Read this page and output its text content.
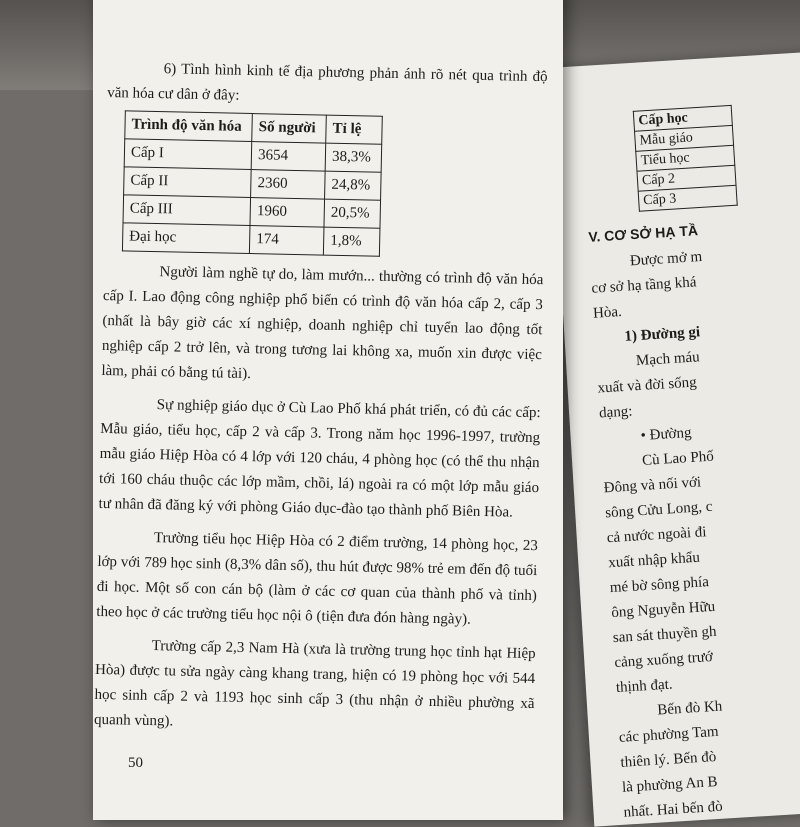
Cấp học
Mẫu giáo
Tiểu học
Cấp 2
Cấp 3
V. CƠ SỞ HẠ TẦ

Được mở m

cơ sở hạ tầng khá

Hòa.

1) Đường gi

Mạch máu

xuất và đời sống

dạng:

• Đường

Cù Lao Phố

Đông và nối với

sông Cửu Long, c

cả nước ngoài đi

xuất nhập khẩu

mé bờ sông phía

ông Nguyễn Hữu

san sát thuyền gh

cảng xuống trướ

thịnh đạt.

Bến đò Kh

các phường Tam

thiên lý. Bến đò

là phường An B

nhất. Hai bến đò

6) Tình hình kinh tế địa phương phản ánh rõ nét qua trình độ văn hóa cư dân ở đây:

Trình độ văn hóa	Số người	Tỉ lệ
Cấp I	3654	38,3%
Cấp II	2360	24,8%
Cấp III	1960	20,5%
Đại học	174	1,8%

Người làm nghề tự do, làm mướn... thường có trình độ văn hóa cấp I. Lao động công nghiệp phổ biến có trình độ văn hóa cấp 2, cấp 3 (nhất là bây giờ các xí nghiệp, doanh nghiệp chỉ tuyển lao động tốt nghiệp cấp 2 trở lên, và trong tương lai không xa, muốn xin được việc làm, phải có bằng tú tài).

Sự nghiệp giáo dục ở Cù Lao Phố khá phát triển, có đủ các cấp: Mẫu giáo, tiểu học, cấp 2 và cấp 3. Trong năm học 1996-1997, trường mẫu giáo Hiệp Hòa có 4 lớp với 120 cháu, 4 phòng học (có thể thu nhận tới 160 cháu thuộc các lớp mầm, chồi, lá) ngoài ra có một lớp mẫu giáo tư nhân đã đăng ký với phòng Giáo dục-đào tạo thành phố Biên Hòa.

Trường tiểu học Hiệp Hòa có 2 điểm trường, 14 phòng học, 23 lớp với 789 học sinh (8,3% dân số), thu hút được 98% trẻ em đến độ tuổi đi học. Một số con cán bộ (làm ở các cơ quan của thành phố và tỉnh) theo học ở các trường tiểu học nội ô (tiện đưa đón hàng ngày).

Trường cấp 2,3 Nam Hà (xưa là trường trung học tỉnh hạt Hiệp Hòa) được tu sửa ngày càng khang trang, hiện có 19 phòng học với 544 học sinh cấp 2 và 1193 học sinh cấp 3 (thu nhận ở nhiều phường xã quanh vùng).

50
